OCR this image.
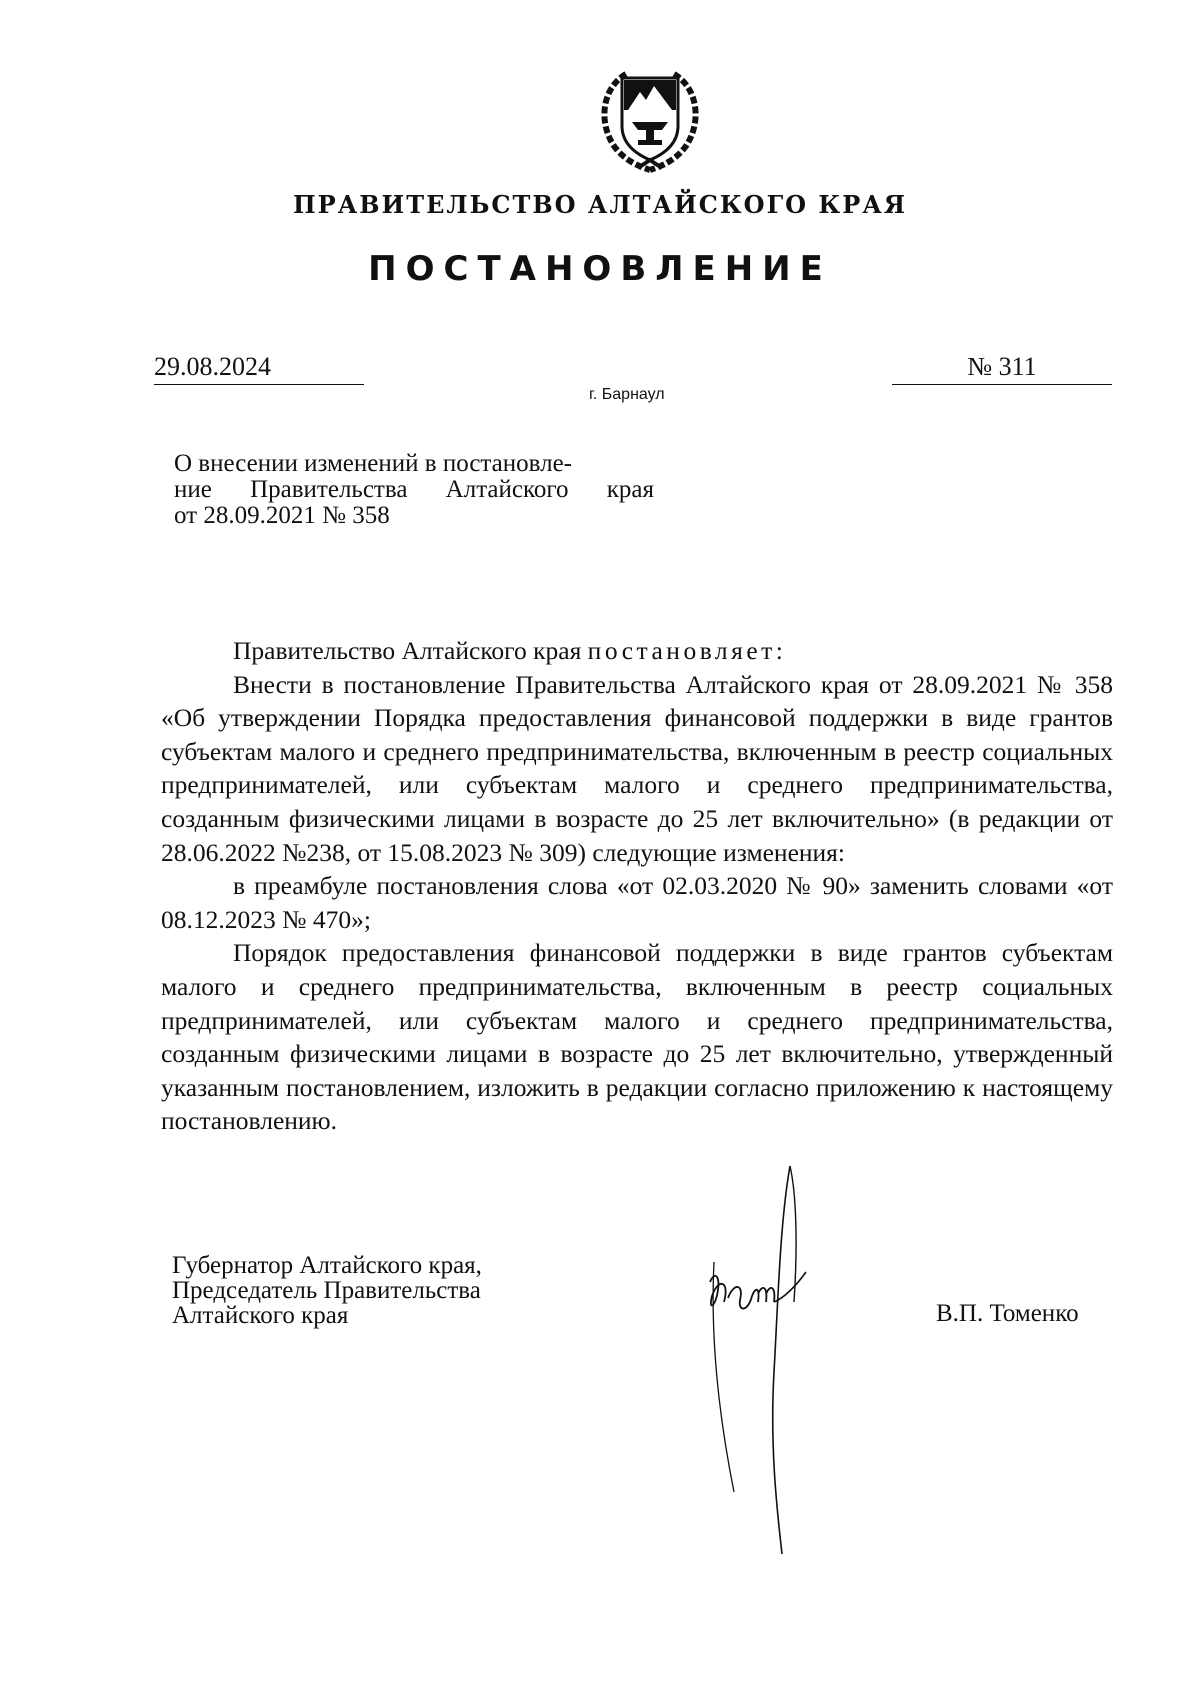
ПРАВИТЕЛЬСТВО АЛТАЙСКОГО КРАЯ
ПОСТАНОВЛЕНИЕ
29.08.2024	№ 311
г. Барнаул
О внесении изменений в постановле-
ние Правительства Алтайского края
от 28.09.2021 № 358

Правительство Алтайского края постановляет:

Внести в постановление Правительства Алтайского края от 28.09.2021 № 358 «Об утверждении Порядка предоставления финансовой поддержки в виде грантов субъектам малого и среднего предпринимательства, включенным в реестр социальных предпринимателей, или субъектам малого и среднего предпринимательства, созданным физическими лицами в возрасте до 25 лет включительно» (в редакции от 28.06.2022 №238, от 15.08.2023 № 309) следующие изменения:

в преамбуле постановления слова «от 02.03.2020 № 90» заменить словами «от 08.12.2023 № 470»;

Порядок предоставления финансовой поддержки в виде грантов субъектам малого и среднего предпринимательства, включенным в реестр социальных предпринимателей, или субъектам малого и среднего предпринимательства, созданным физическими лицами в возрасте до 25 лет включительно, утвержденный указанным постановлением, изложить в редакции согласно приложению к настоящему постановлению.

Губернатор Алтайского края,
Председатель Правительства
Алтайского края	В.П. Томенко
